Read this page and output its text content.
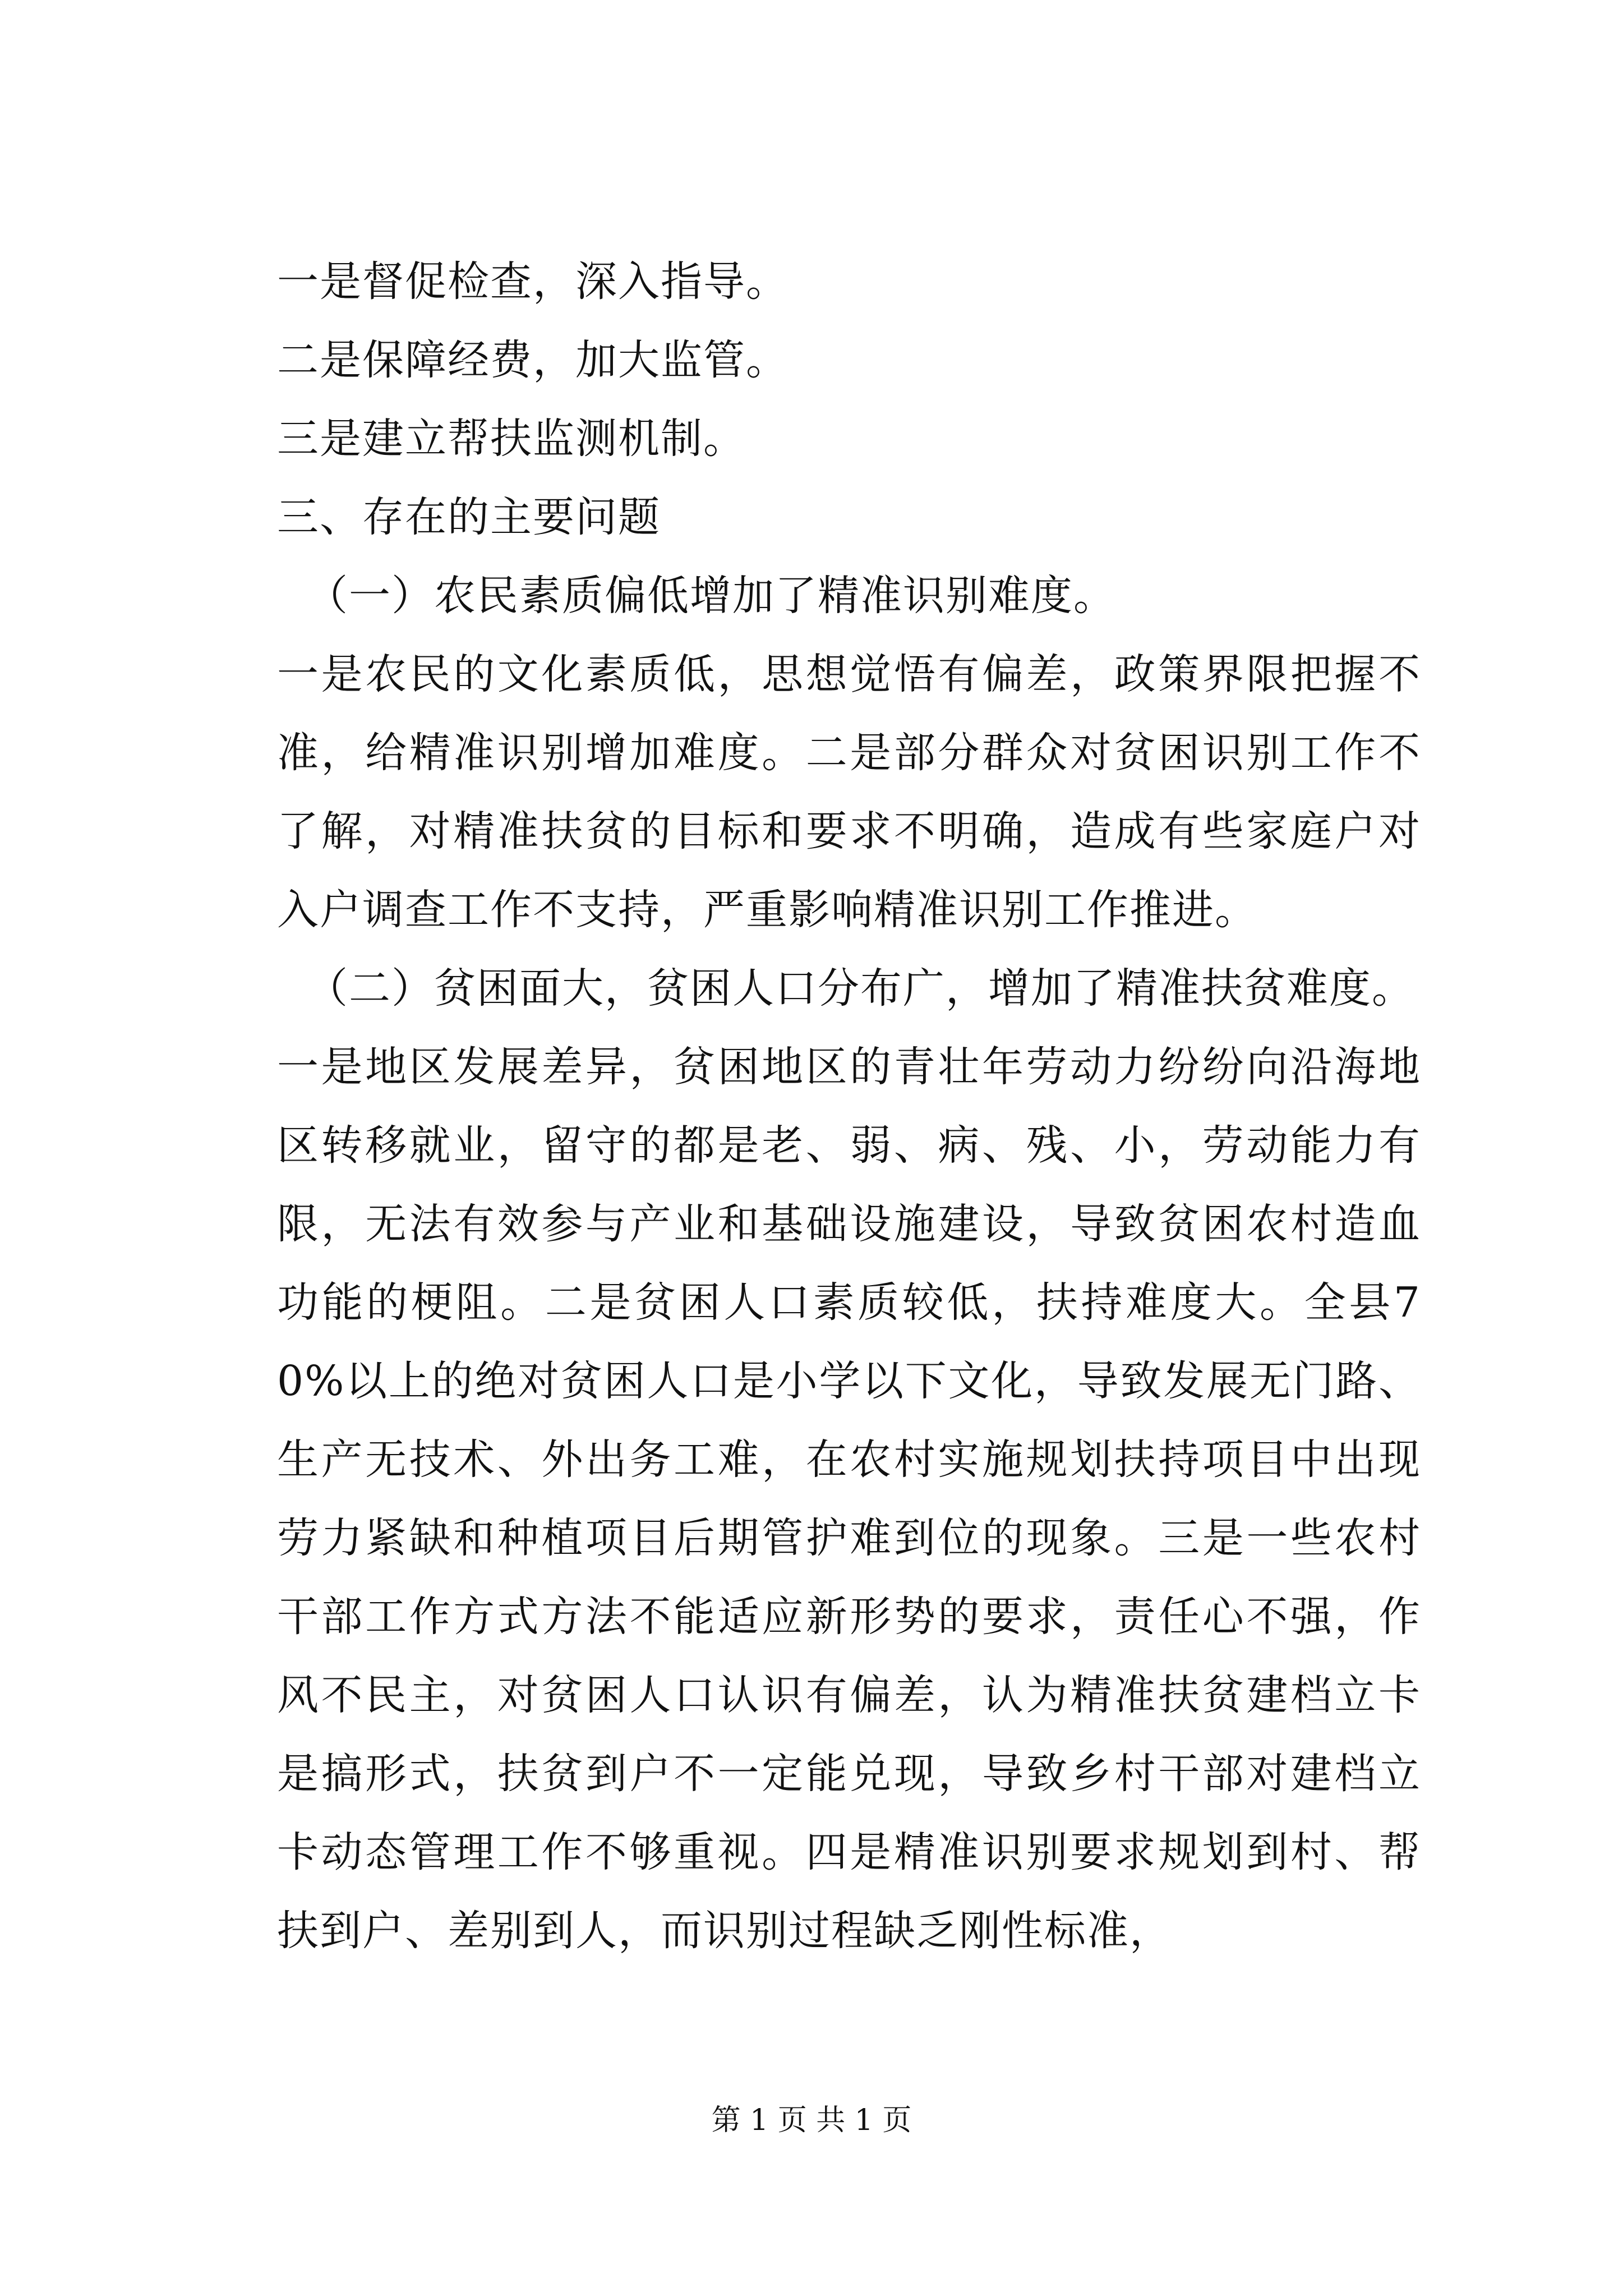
一是督促检查，深入指导。

二是保障经费，加大监管。

三是建立帮扶监测机制。

三、存在的主要问题

（一）农民素质偏低增加了精准识别难度。

一是农民的文化素质低，思想觉悟有偏差，政策界限把握不准，给精准识别增加难度。二是部分群众对贫困识别工作不了解，对精准扶贫的目标和要求不明确，造成有些家庭户对入户调查工作不支持，严重影响精准识别工作推进。

（二）贫困面大，贫困人口分布广，增加了精准扶贫难度。

一是地区发展差异，贫困地区的青壮年劳动力纷纷向沿海地区转移就业，留守的都是老、弱、病、残、小，劳动能力有限，无法有效参与产业和基础设施建设，导致贫困农村造血功能的梗阻。二是贫困人口素质较低，扶持难度大。全县70%以上的绝对贫困人口是小学以下文化，导致发展无门路、生产无技术、外出务工难，在农村实施规划扶持项目中出现劳力紧缺和种植项目后期管护难到位的现象。三是一些农村干部工作方式方法不能适应新形势的要求，责任心不强，作风不民主，对贫困人口认识有偏差，认为精准扶贫建档立卡是搞形式，扶贫到户不一定能兑现，导致乡村干部对建档立卡动态管理工作不够重视。四是精准识别要求规划到村、帮扶到户、差别到人，而识别过程缺乏刚性标准，

第 1 页 共 1 页
